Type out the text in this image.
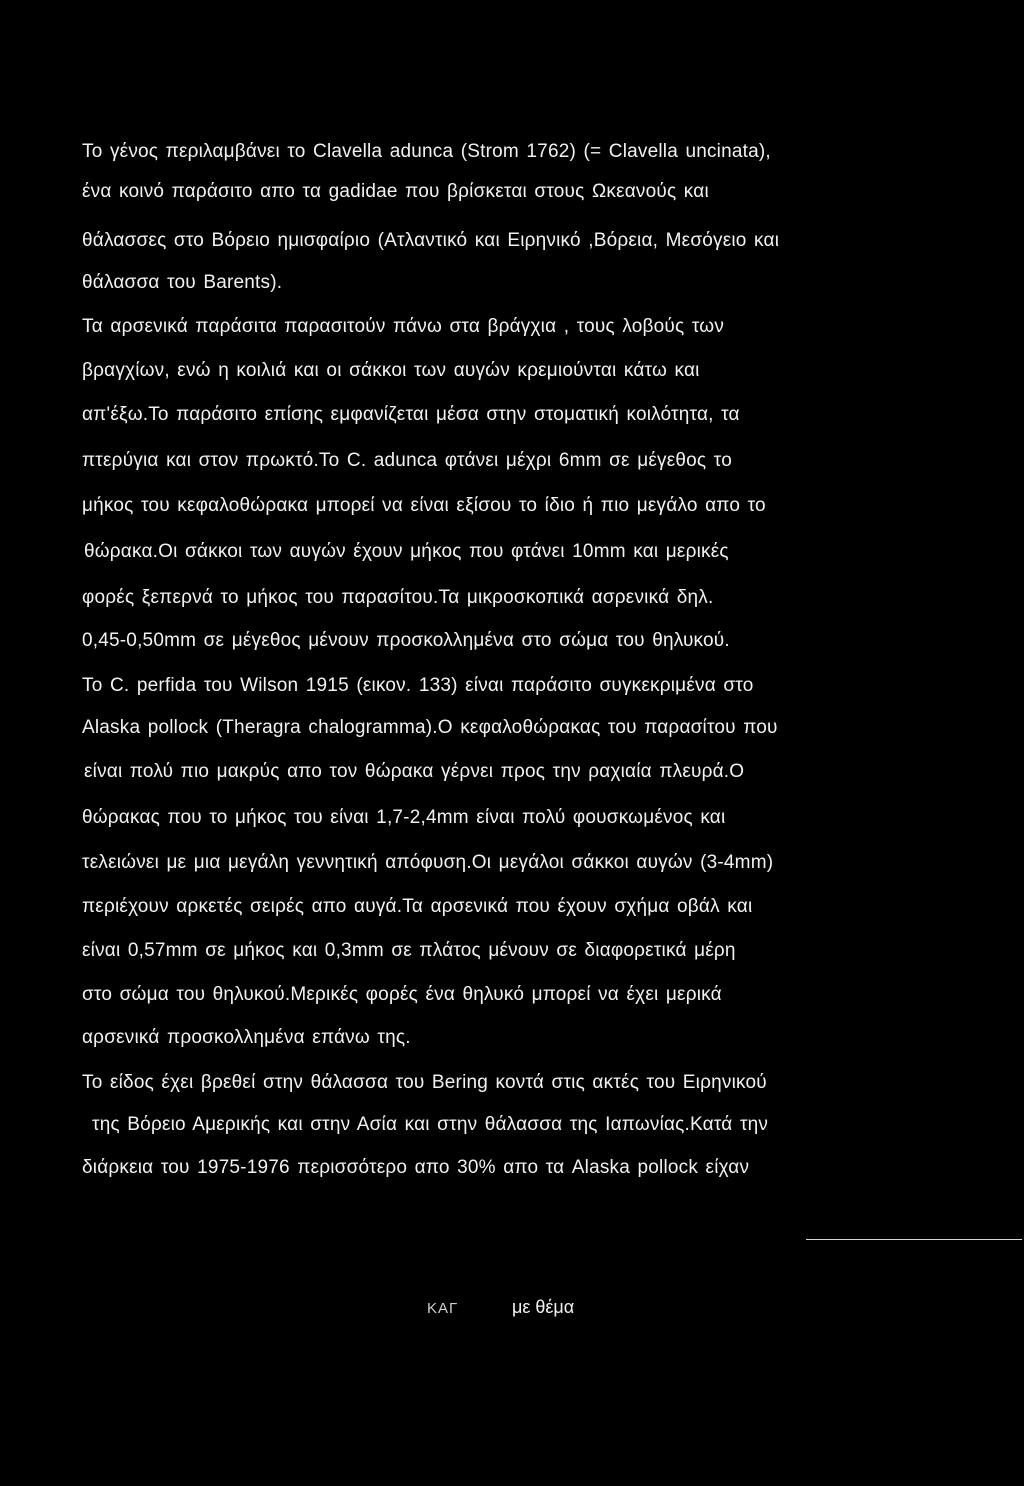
Το γένος περιλαμβάνει το Clavella adunca (Strom 1762) (= Clavella uncinata),
ένα κοινό παράσιτο απο τα gadidae που βρίσκεται στους Ωκεανούς και
θάλασσες στο Βόρειο ημισφαίριο (Ατλαντικό και Ειρηνικό ,Βόρεια, Μεσόγειο και
θάλασσα του Barents).
Τα αρσενικά παράσιτα παρασιτούν πάνω στα βράγχια , τους λοβούς των
βραγχίων, ενώ η κοιλιά και οι σάκκοι των αυγών κρεμιούνται κάτω και
απ'έξω.Το παράσιτο επίσης εμφανίζεται μέσα στην στοματική κοιλότητα, τα
πτερύγια και στον πρωκτό.Το C. adunca φτάνει μέχρι 6mm σε μέγεθος το
μήκος του κεφαλοθώρακα μπορεί να είναι εξίσου το ίδιο ή πιο μεγάλο απο το
θώρακα.Οι σάκκοι των αυγών έχουν μήκος που φτάνει 10mm και μερικές
φορές ξεπερνά το μήκος του παρασίτου.Τα μικροσκοπικά ασρενικά δηλ.
0,45-0,50mm σε μέγεθος μένουν προσκολλημένα στο σώμα του θηλυκού.
Το C. perfida του Wilson 1915 (εικον. 133) είναι παράσιτο συγκεκριμένα στο
Alaska pollock (Theragra chalogramma).Ο κεφαλοθώρακας του παρασίτου που
είναι πολύ πιο μακρύς απο τον θώρακα γέρνει προς την ραχιαία πλευρά.Ο
θώρακας που το μήκος του είναι 1,7-2,4mm είναι πολύ φουσκωμένος και
τελειώνει με μια μεγάλη γεννητική απόφυση.Οι μεγάλοι σάκκοι αυγών (3-4mm)
περιέχουν αρκετές σειρές απο αυγά.Τα αρσενικά που έχουν σχήμα οβάλ και
είναι 0,57mm σε μήκος και 0,3mm σε πλάτος μένουν σε διαφορετικά μέρη
στο σώμα του θηλυκού.Μερικές φορές ένα θηλυκό μπορεί να έχει μερικά
αρσενικά προσκολλημένα επάνω της.
Το είδος έχει βρεθεί στην θάλασσα του Bering κοντά στις ακτές του Ειρηνικού
της Βόρειο Αμερικής και στην Ασία και στην θάλασσα της Ιαπωνίας.Κατά την
διάρκεια του 1975-1976 περισσότερο απο 30% απο τα Alaska pollock είχαν
ΚΑΓ	με θέμα
